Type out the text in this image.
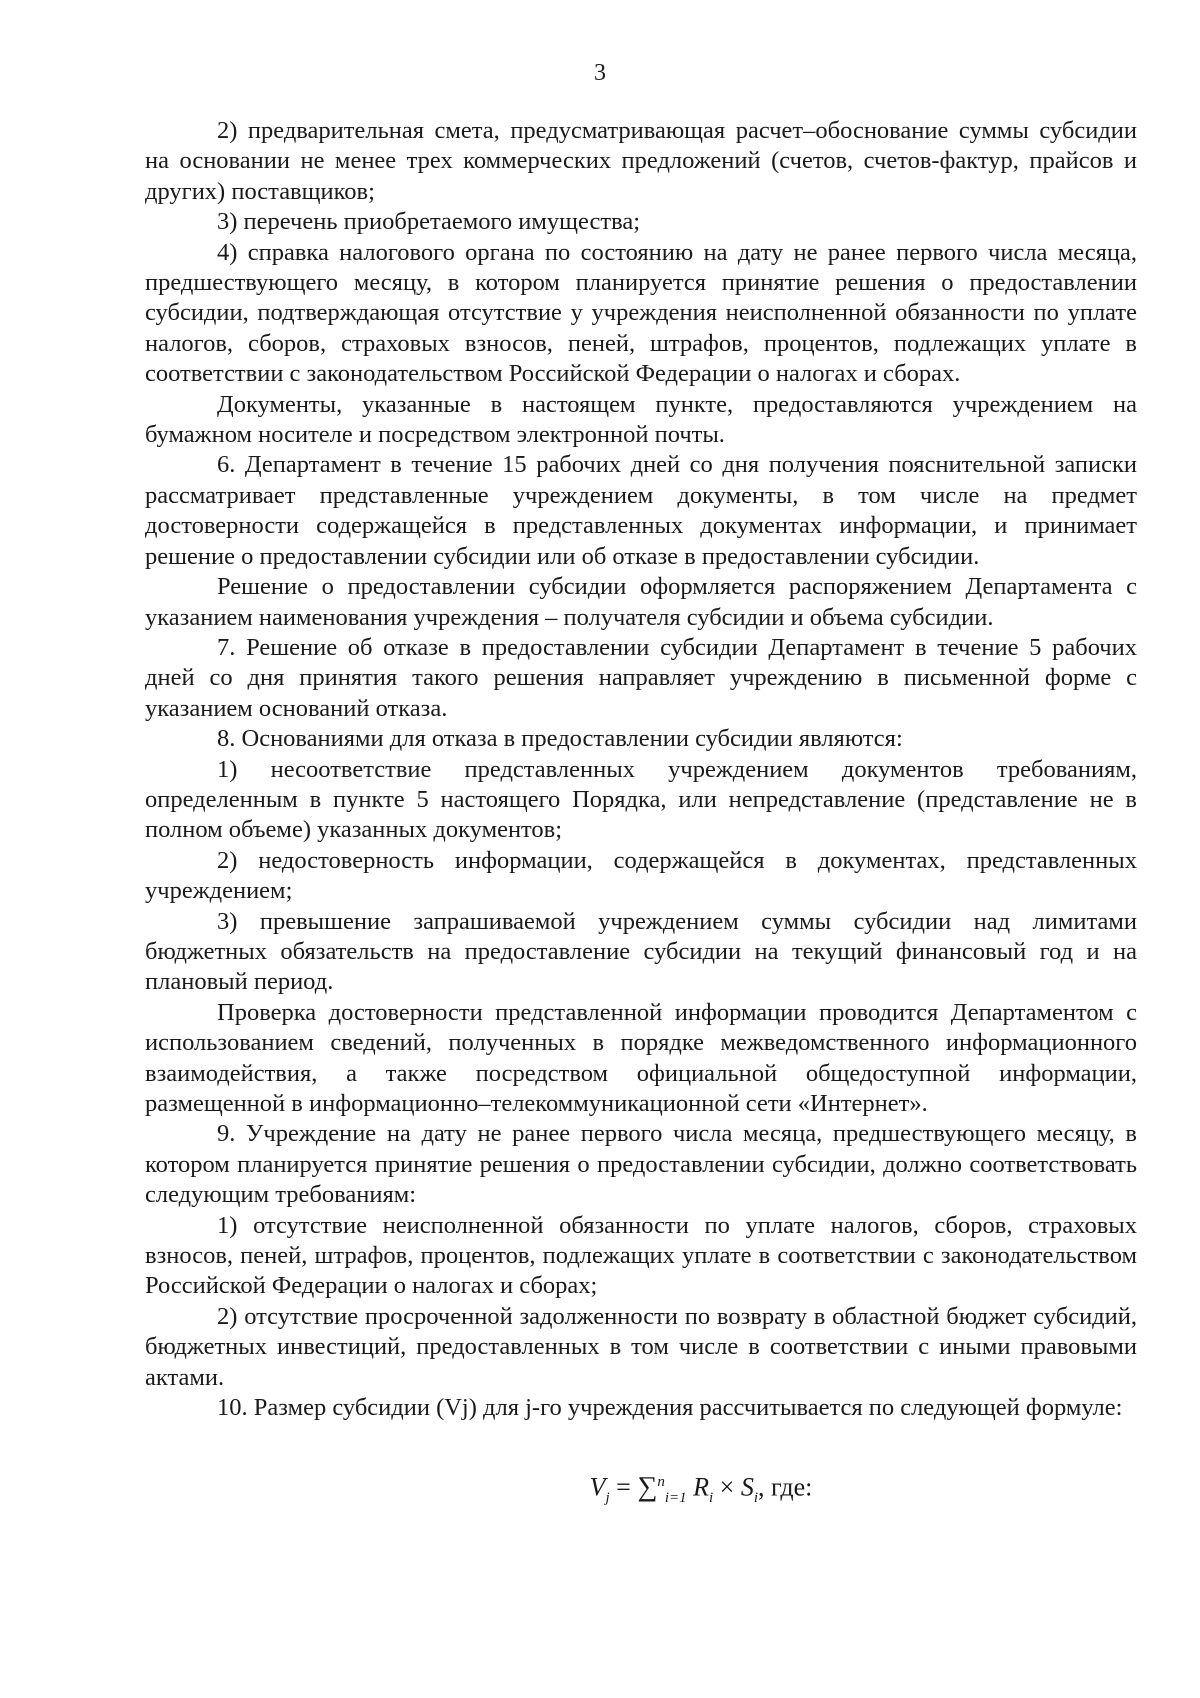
3

2) предварительная смета, предусматривающая расчет–обоснование суммы субсидии на основании не менее трех коммерческих предложений (счетов, счетов-фактур, прайсов и других) поставщиков;

3) перечень приобретаемого имущества;

4) справка налогового органа по состоянию на дату не ранее первого числа месяца, предшествующего месяцу, в котором планируется принятие решения о предоставлении субсидии, подтверждающая отсутствие у учреждения неисполненной обязанности по уплате налогов, сборов, страховых взносов, пеней, штрафов, процентов, подлежащих уплате в соответствии с законодательством Российской Федерации о налогах и сборах.

Документы, указанные в настоящем пункте, предоставляются учреждением на бумажном носителе и посредством электронной почты.

6. Департамент в течение 15 рабочих дней со дня получения пояснительной записки рассматривает представленные учреждением документы, в том числе на предмет достоверности содержащейся в представленных документах информации, и принимает решение о предоставлении субсидии или об отказе в предоставлении субсидии.

Решение о предоставлении субсидии оформляется распоряжением Департамента с указанием наименования учреждения – получателя субсидии и объема субсидии.

7. Решение об отказе в предоставлении субсидии Департамент в течение 5 рабочих дней со дня принятия такого решения направляет учреждению в письменной форме с указанием оснований отказа.

8. Основаниями для отказа в предоставлении субсидии являются:

1) несоответствие представленных учреждением документов требованиям, определенным в пункте 5 настоящего Порядка, или непредставление (представление не в полном объеме) указанных документов;

2) недостоверность информации, содержащейся в документах, представленных учреждением;

3) превышение запрашиваемой учреждением суммы субсидии над лимитами бюджетных обязательств на предоставление субсидии на текущий финансовый год и на плановый период.

Проверка достоверности представленной информации проводится Департаментом с использованием сведений, полученных в порядке межведомственного информационного взаимодействия, а также посредством официальной общедоступной информации, размещенной в информационно–телекоммуникационной сети «Интернет».

9. Учреждение на дату не ранее первого числа месяца, предшествующего месяцу, в котором планируется принятие решения о предоставлении субсидии, должно соответствовать следующим требованиям:

1) отсутствие неисполненной обязанности по уплате налогов, сборов, страховых взносов, пеней, штрафов, процентов, подлежащих уплате в соответствии с законодательством Российской Федерации о налогах и сборах;

2) отсутствие просроченной задолженности по возврату в областной бюджет субсидий, бюджетных инвестиций, предоставленных в том числе в соответствии с иными правовыми актами.

10. Размер субсидии (Vj) для j-го учреждения рассчитывается по следующей формуле:

$V_j = \sum^n_{i=1}$ $R_i \times S_i$, где:
